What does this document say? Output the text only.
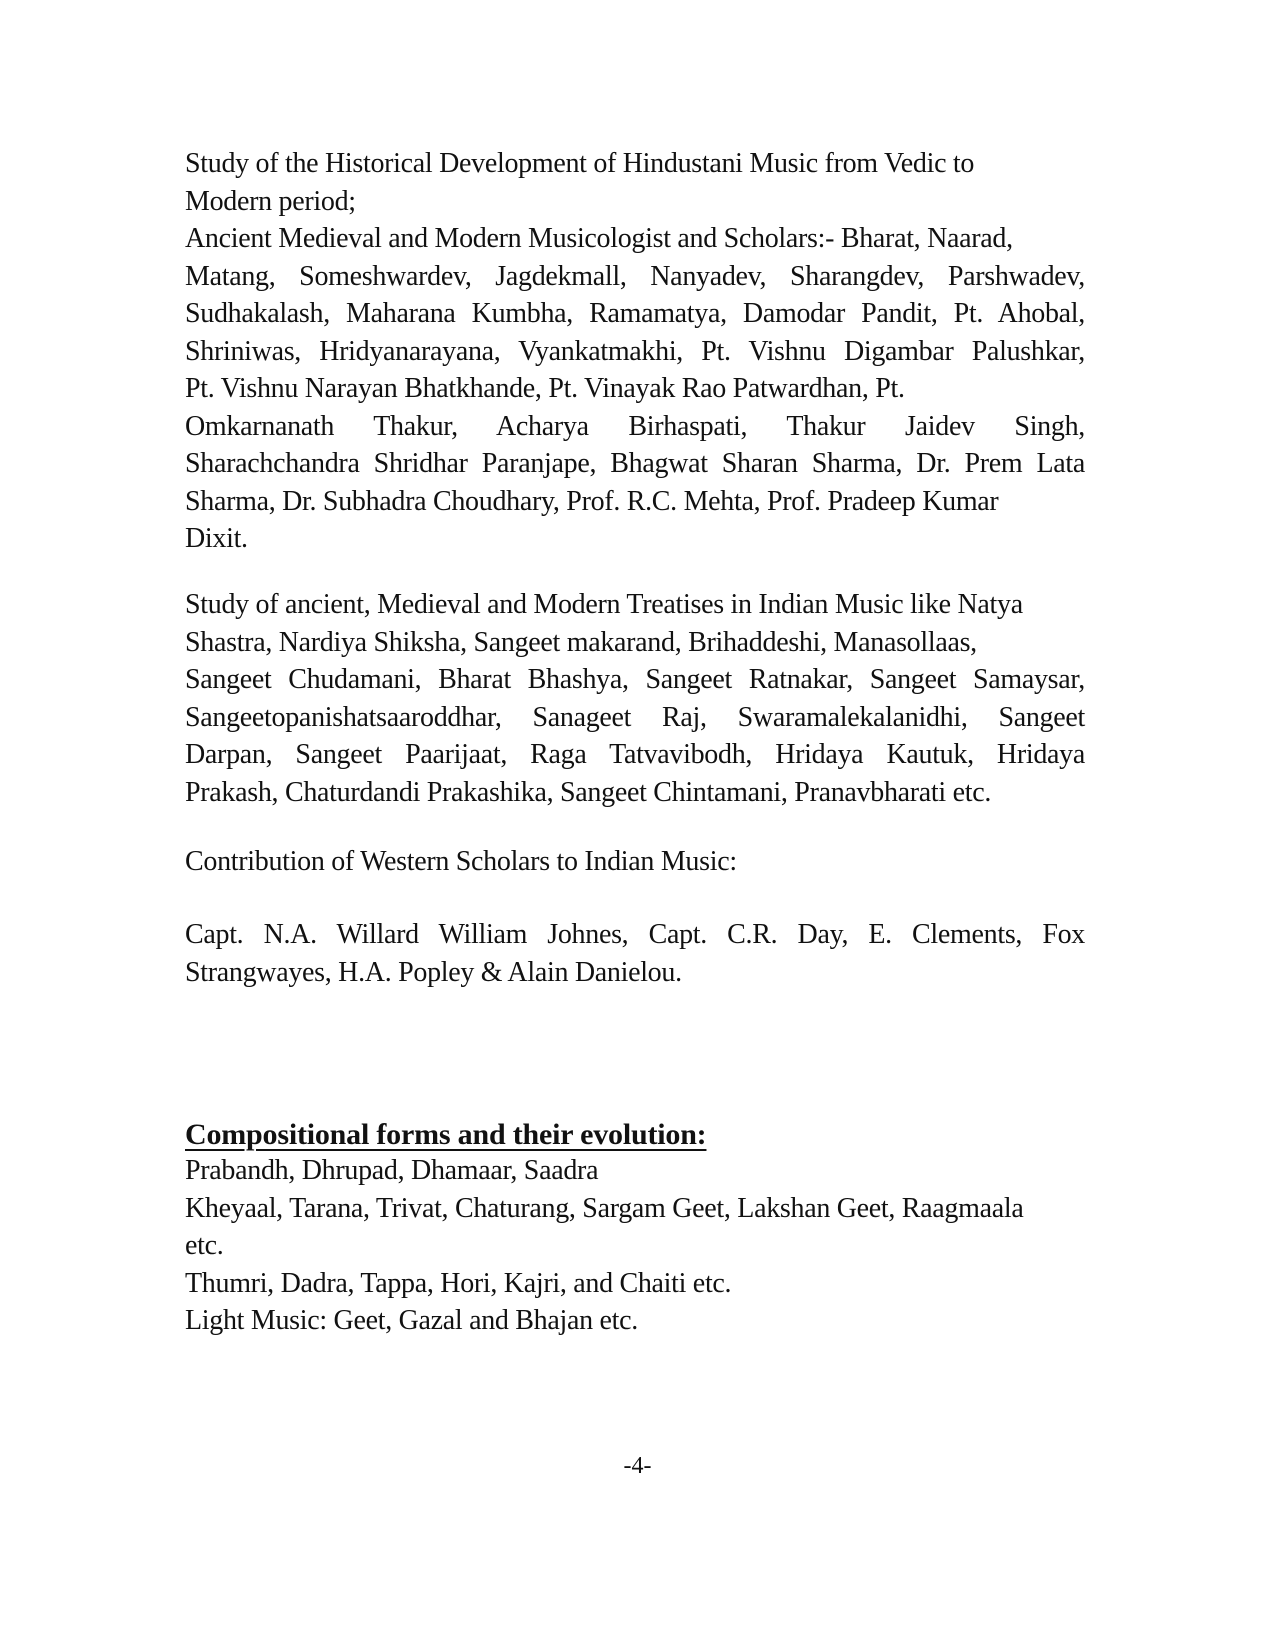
Study of the Historical Development of Hindustani Music from Vedic to
Modern period;
Ancient Medieval and Modern Musicologist and Scholars:- Bharat, Naarad,
Matang, Someshwardev, Jagdekmall, Nanyadev, Sharangdev, Parshwadev,
Sudhakalash, Maharana Kumbha, Ramamatya, Damodar Pandit, Pt. Ahobal,
Shriniwas, Hridyanarayana, Vyankatmakhi, Pt. Vishnu Digambar Palushkar,
Pt. Vishnu Narayan Bhatkhande, Pt. Vinayak Rao Patwardhan, Pt.
Omkarnanath Thakur, Acharya Birhaspati, Thakur Jaidev Singh,
Sharachchandra Shridhar Paranjape, Bhagwat Sharan Sharma, Dr. Prem Lata
Sharma, Dr. Subhadra Choudhary, Prof. R.C. Mehta, Prof. Pradeep Kumar
Dixit.
Study of ancient, Medieval and Modern Treatises in Indian Music like Natya
Shastra, Nardiya Shiksha, Sangeet makarand, Brihaddeshi, Manasollaas,
Sangeet Chudamani, Bharat Bhashya, Sangeet Ratnakar, Sangeet Samaysar,
Sangeetopanishatsaaroddhar, Sanageet Raj, Swaramalekalanidhi, Sangeet
Darpan, Sangeet Paarijaat, Raga Tatvavibodh, Hridaya Kautuk, Hridaya
Prakash, Chaturdandi Prakashika, Sangeet Chintamani, Pranavbharati etc.
Contribution of Western Scholars to Indian Music:
Capt. N.A. Willard William Johnes, Capt. C.R. Day, E. Clements, Fox
Strangwayes, H.A. Popley & Alain Danielou.
Compositional forms and their evolution:
Prabandh, Dhrupad, Dhamaar, Saadra
Kheyaal, Tarana, Trivat, Chaturang, Sargam Geet, Lakshan Geet, Raagmaala
etc.
Thumri, Dadra, Tappa, Hori, Kajri, and Chaiti etc.
Light Music: Geet, Gazal and Bhajan etc.
-4-
